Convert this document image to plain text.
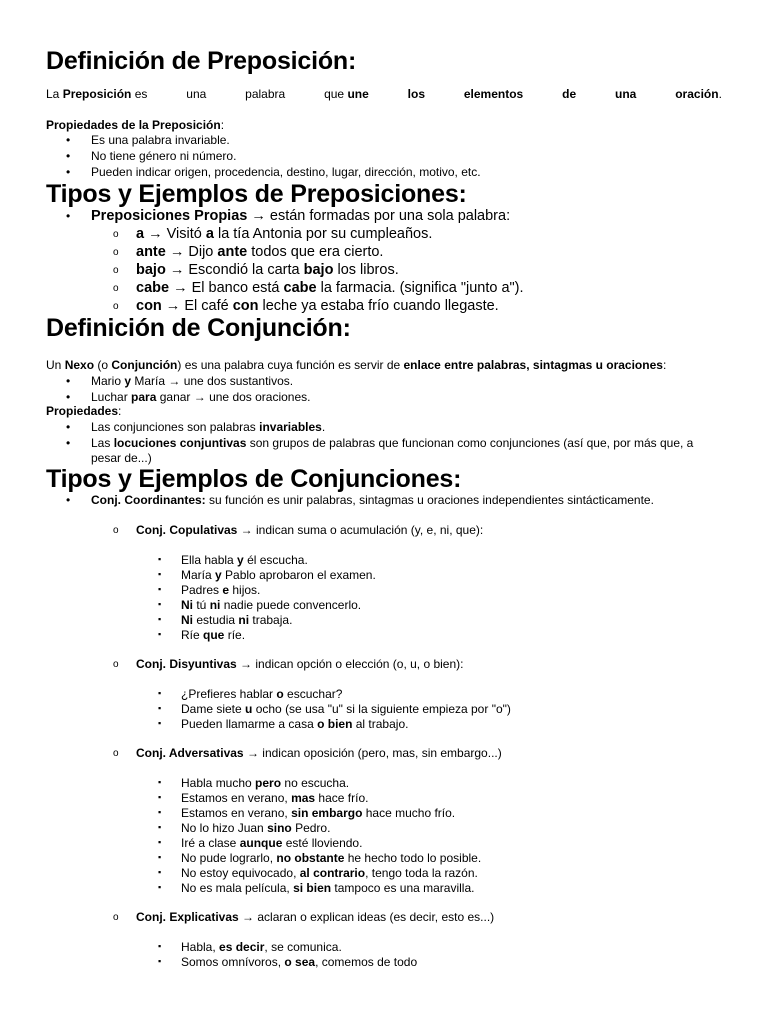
Definición de Preposición:
La Preposición es	una	palabra	que une	los	elementos	de	una	oración.
Propiedades de la Preposición:
Tipos y Ejemplos de Preposiciones:
• Preposiciones Propias → están formadas por una sola palabra:
Definición de Conjunción:
Un Nexo (o Conjunción) es una palabra cuya función es servir de enlace entre palabras, sintagmas u oraciones:
Propiedades:
pesar de...)
Tipos y Ejemplos de Conjunciones:
• Conj. Coordinantes: su función es unir palabras, sintagmas u oraciones independientes sintácticamente.
• Es una palabra invariable.
• No tiene género ni número.
• Pueden indicar origen, procedencia, destino, lugar, dirección, motivo, etc.
o a → Visitó a la tía Antonia por su cumpleaños.
o ante → Dijo ante todos que era cierto.
o bajo → Escondió la carta bajo los libros.
o cabe → El banco está cabe la farmacia. (significa "junto a").
o con → El café con leche ya estaba frío cuando llegaste.
• Mario y María → une dos sustantivos.
• Luchar para ganar → une dos oraciones.
• Las conjunciones son palabras invariables.
• Las locuciones conjuntivas son grupos de palabras que funcionan como conjunciones (así que, por más que, a
o Conj. Copulativas → indican suma o acumulación (y, e, ni, que):
▪ Ella habla y él escucha.
▪ María y Pablo aprobaron el examen.
▪ Padres e hijos.
▪ Ni tú ni nadie puede convencerlo.
▪ Ni estudia ni trabaja.
▪ Ríe que ríe.
o Conj. Disyuntivas → indican opción o elección (o, u, o bien):
▪ ¿Prefieres hablar o escuchar?
▪ Dame siete u ocho (se usa "u" si la siguiente empieza por "o")
▪ Pueden llamarme a casa o bien al trabajo.
o Conj. Adversativas → indican oposición (pero, mas, sin embargo...)
▪ Habla mucho pero no escucha.
▪ Estamos en verano, mas hace frío.
▪ Estamos en verano, sin embargo hace mucho frío.
▪ No lo hizo Juan sino Pedro.
▪ Iré a clase aunque esté lloviendo.
▪ No pude lograrlo, no obstante he hecho todo lo posible.
▪ No estoy equivocado, al contrario, tengo toda la razón.
▪ No es mala película, si bien tampoco es una maravilla.
o Conj. Explicativas → aclaran o explican ideas (es decir, esto es...)
▪ Habla, es decir, se comunica.
▪ Somos omnívoros, o sea, comemos de todo
